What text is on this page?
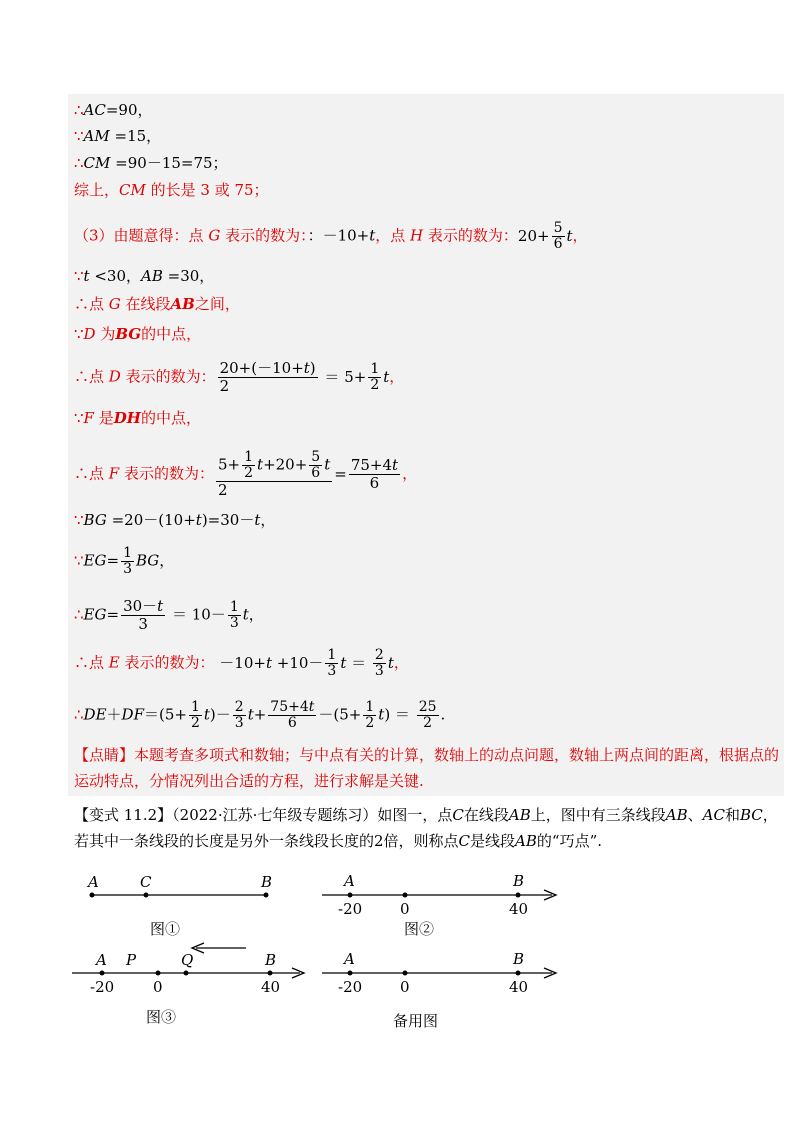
∴AC=90，
∵AM =15，
∴CM =90－15=75；
综上，CM 的长是 3 或 75；
（3）由题意得：点 G 表示的数为：：－10+t，点 H 表示的数为：$20+ \frac{5}{6}$ t，
∵t <30，AB =30，
∴点 G 在线段AB之间，
∵D 为BG的中点，
∴点 D 表示的数为： $\frac{20+(-10+t)}{2} = 5+ \frac{1}{2}$ t，
∵F 是DH的中点，
∴点 F 表示的数为： $\frac{5+ \frac{1}{2} t+20+ \frac{5}{6} t}{2} = \frac{75+4t}{6}$ ，
∵BG =20－(10+t)=30－t，
∵EG= $\frac{1}{3}$ BG，
∴EG= $\frac{30-t}{3} = 10- \frac{1}{3}$ t，
∴点 E 表示的数为： $-10+t +10- \frac{1}{3}$ $t = \frac{2}{3}$ t，
∴DE＋DF＝(5+ $\frac{1}{2} t)- \frac{2}{3} t+ \frac{75+4t}{6} -(5+ \frac{1}{2} t) = \frac{25}{2}$ .
【点睛】本题考查多项式和数轴；与中点有关的计算，数轴上的动点问题，数轴上两点间的距离，根据点的运动特点，分情况列出合适的方程，进行求解是关键.
【变式 11.2】（2022·江苏·七年级专题练习）如图一，点C在线段AB上，图中有三条线段AB、AC和BC，
若其中一条线段的长度是另外一条线段长度的2倍，则称点C是线段AB的“巧点”.
A	C	B
图①
A	B
-20	0	40
图②
A P	Q	B
-20	0	40
图③
A	B
-20	0	40
备用图
